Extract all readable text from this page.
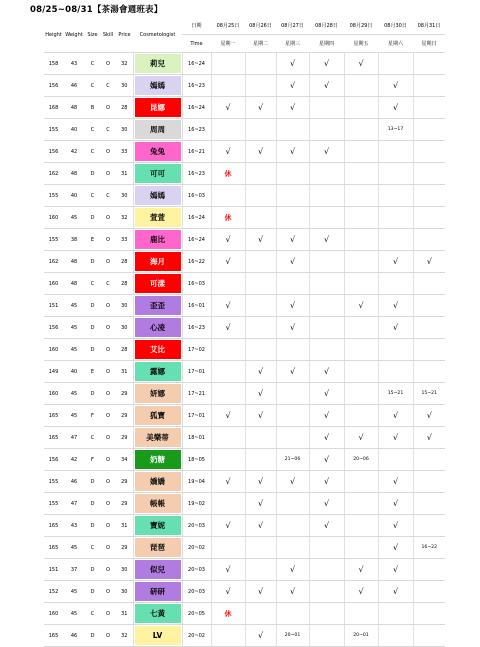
08/25~08/31【茶湯會週班表】
Height	Weight	Size	Skill	Price	Cosmetologist	日期	08月25日	08月26日	08月27日	08月28日	08月29日	08月30日	08月31日
						Time	星期一	星期二	星期三	星期四	星期五	星期六	星期日
158	43	C	O	32	莉兒	16~24			√	√	√		
156	46	C	C	30	嫣嫣	16~23			√	√		√	
168	48	B	O	28	昆娜	16~24	√	√	√			√	
155	40	C	C	30	周周	16~23						13~17	
156	42	C	O	33	兔兔	16~21	√	√	√	√			
162	48	D	O	31	可可	16~23	休						
155	40	C	C	30	嫣嫣	16~03							
160	45	D	O	32	萱萱	16~24	休						
155	38	E	O	33	鹿比	16~24	√	√	√	√			
162	48	D	O	28	海月	16~22	√		√			√	√
160	48	C	C	28	可漾	16~03							
151	45	D	O	30	歪歪	16~01	√		√		√	√	
156	45	D	O	30	心凌	16~23	√		√			√	
160	45	D	O	28	艾比	17~02							
149	40	E	O	31	露娜	17~01		√	√	√			
160	45	D	O	29	妍娜	17~21		√		√		15~21	15~21
165	45	F	O	29	狐寶	17~01	√	√		√		√	√
165	47	C	O	29	美樂蒂	18~01				√	√	√	√
156	42	F	O	34	奶糖	18~05			21~06	√	20~06		
155	46	D	O	29	嬌嬌	19~04	√	√	√	√		√	
155	47	D	O	29	帳帳	19~02		√		√		√	
165	43	D	O	31	寶妮	20~03	√	√		√		√	
165	45	C	O	29	琵琶	20~02						√	16~22
151	37	D	O	30	似兒	20~03	√		√		√	√	
152	45	D	O	30	研研	20~03	√	√	√		√	√	
160	45	C	O	31	七黃	20~05	休						
165	46	D	O	32	LV	20~02		√	20~01		20~01		
